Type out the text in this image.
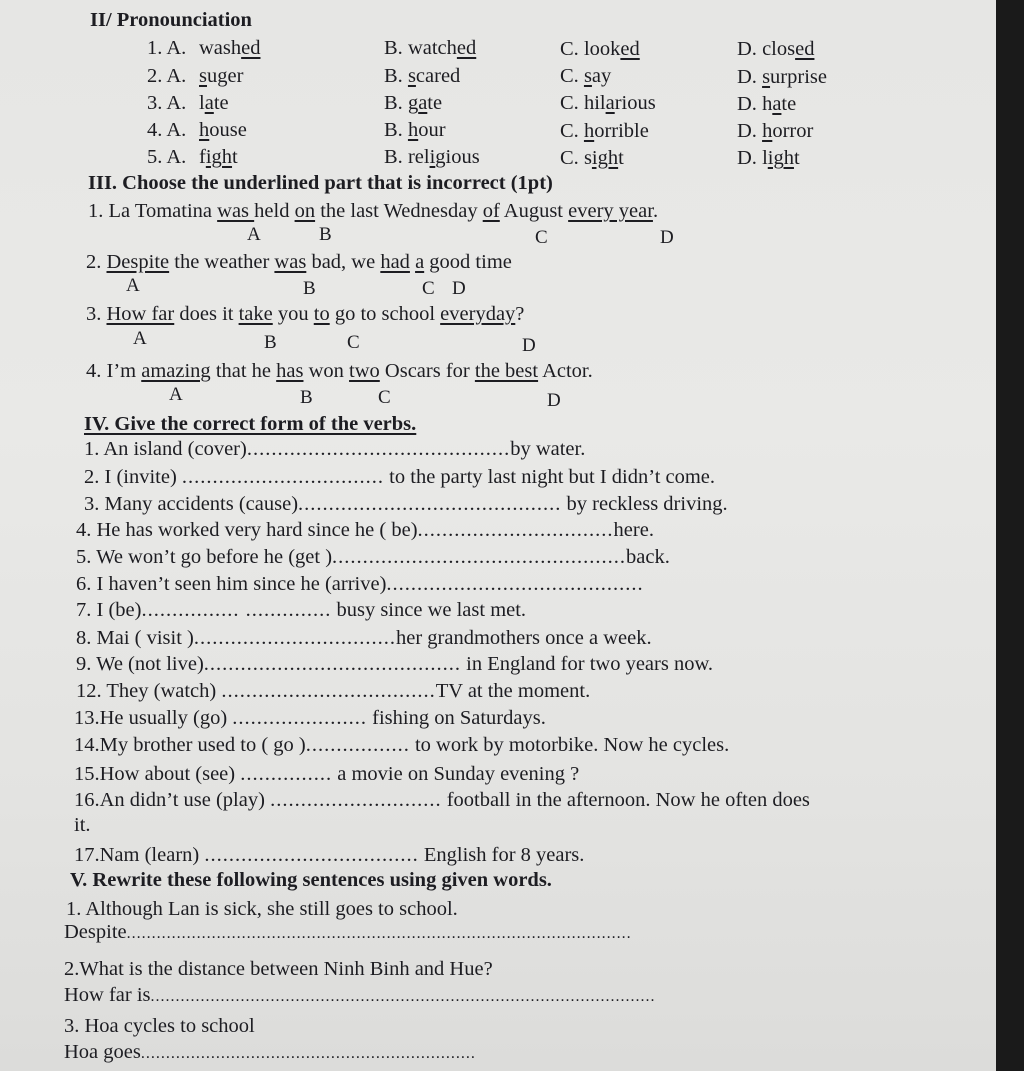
II/ Pronounciation
1. A. washed	B. watched	C. looked	D. closed
2. A. suger	B. scared	C. say	D. surprise
3. A. late	B. gate	C. hilarious	D. hate
4. A. house	B. hour	C. horrible	D. horror
5. A. fight	B. religious	C. sight	D. light
III. Choose the underlined part that is incorrect (1pt)
1. La Tomatina was held on the last Wednesday of August every year.
A	B	C	D
2. Despite the weather was bad, we had a good time
A	B	C D
3. How far does it take you to go to school everyday?
A	B	C	D
4. I’m amazing that he has won two Oscars for the best Actor.
A	B	C	D
IV. Give the correct form of the verbs.
1. An island (cover)...........................................by water.
2. I (invite) ................................. to the party last night but I didn’t come.
3. Many accidents (cause)........................................... by reckless driving.
4. He has worked very hard since he ( be)................................here.
5. We won’t go before he (get )................................................back.
6. I haven’t seen him since he (arrive)..........................................
7. I (be)................ .............. busy since we last met.
8. Mai ( visit ).................................her grandmothers once a week.
9. We (not live).......................................... in England for two years now.
12. They (watch) ...................................TV at the moment.
13.He usually (go) ...................... fishing on Saturdays.
14.My brother used to ( go )................. to work by motorbike. Now he cycles.
15.How about (see) ............... a movie on Sunday evening ?
16.An didn’t use (play) ............................ football in the afternoon. Now he often does
it.
17.Nam (learn) ................................... English for 8 years.
V. Rewrite these following sentences using given words.
1. Although Lan is sick, she still goes to school.
Despite.....................................................................................................
2.What is the distance between Ninh Binh and Hue?
How far is.....................................................................................................
3. Hoa cycles to school
Hoa goes...................................................................
